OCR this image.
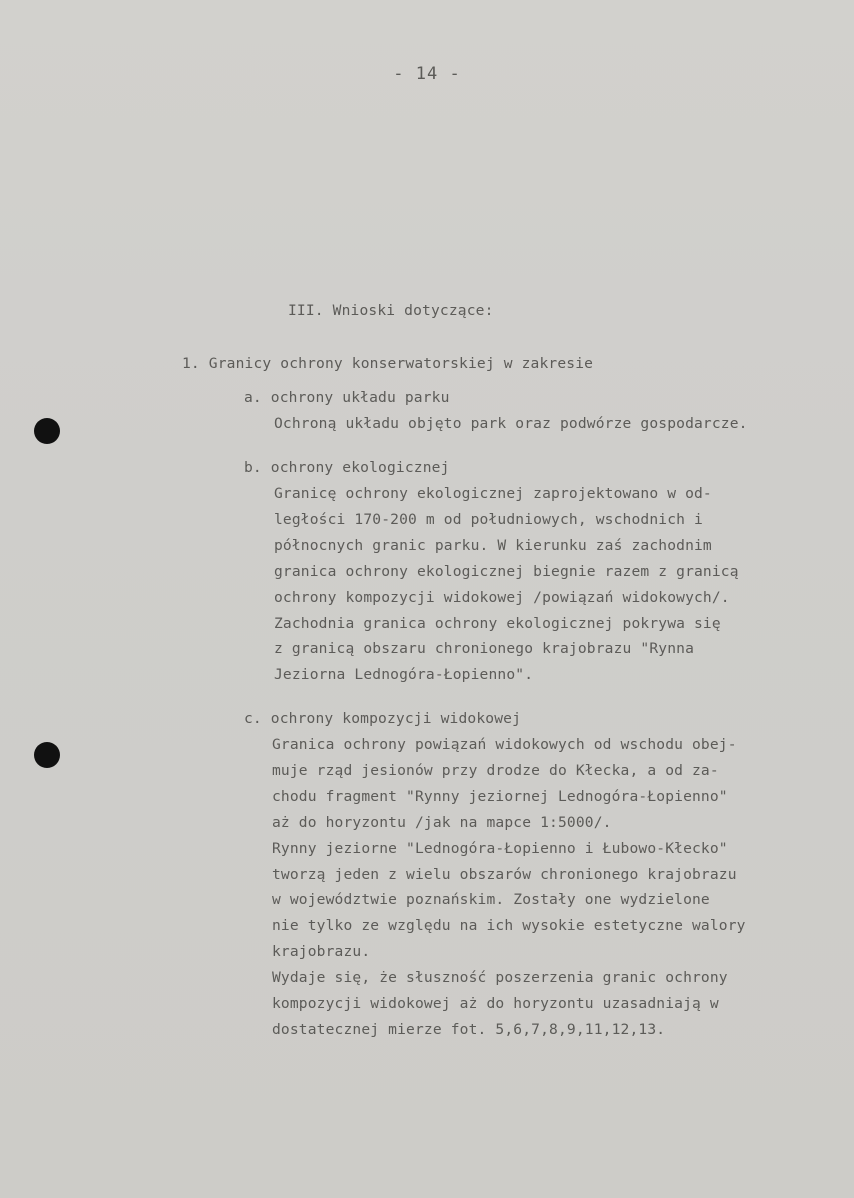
- 14 -
III. Wnioski dotyczące:
1. Granicy ochrony konserwatorskiej w zakresie
a. ochrony układu parku
Ochroną układu objęto park oraz podwórze gospodarcze.
b. ochrony ekologicznej
Granicę ochrony ekologicznej zaprojektowano w od-
ległości 170-200 m od południowych, wschodnich i
północnych granic parku. W kierunku zaś zachodnim
granica ochrony ekologicznej biegnie razem z granicą
ochrony kompozycji widokowej /powiązań widokowych/.
Zachodnia granica ochrony ekologicznej pokrywa się
z granicą obszaru chronionego krajobrazu "Rynna
Jeziorna Lednogóra-Łopienno".
c. ochrony kompozycji widokowej
Granica ochrony powiązań widokowych od wschodu obej-
muje rząd jesionów przy drodze do Kłecka, a od za-
chodu fragment "Rynny jeziornej Lednogóra-Łopienno"
aż do horyzontu /jak na mapce 1:5000/.
Rynny jeziorne "Lednogóra-Łopienno i Łubowo-Kłecko"
tworzą jeden z wielu obszarów chronionego krajobrazu
w województwie poznańskim. Zostały one wydzielone
nie tylko ze względu na ich wysokie estetyczne walory
krajobrazu.
Wydaje się, że słuszność poszerzenia granic ochrony
kompozycji widokowej aż do horyzontu uzasadniają w
dostatecznej mierze fot. 5,6,7,8,9,11,12,13.
